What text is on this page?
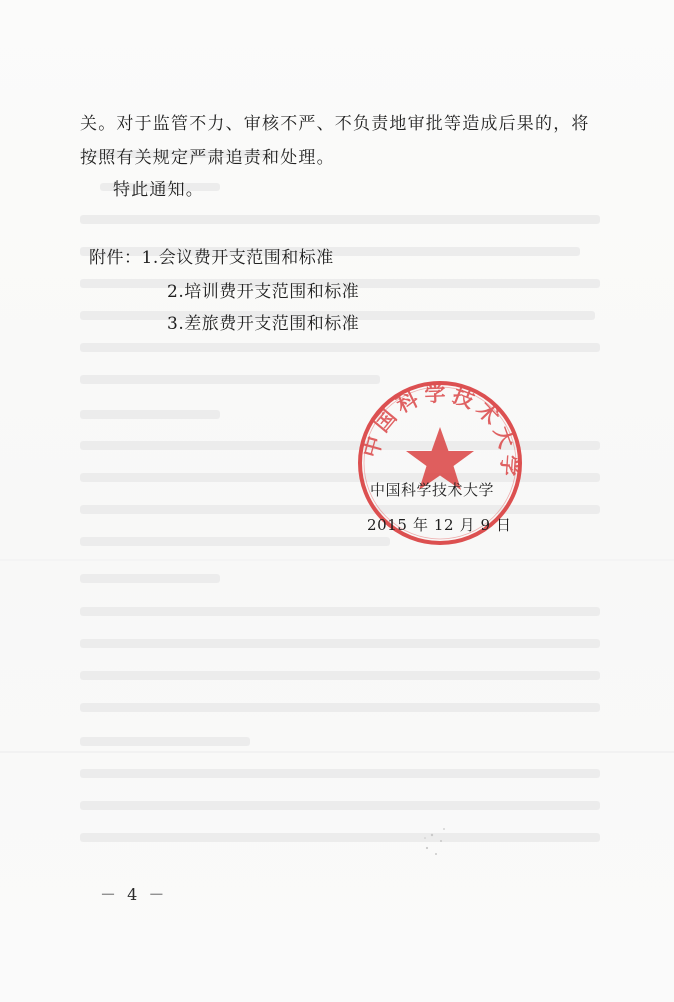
关。对于监管不力、审核不严、不负责地审批等造成后果的，将
按照有关规定严肃追责和处理。
特此通知。
附件：1.会议费开支范围和标准
2.培训费开支范围和标准
3.差旅费开支范围和标准
中国科学技术大学
中国科学技术大学
2015 年 12 月 9 日
－ 4 －
